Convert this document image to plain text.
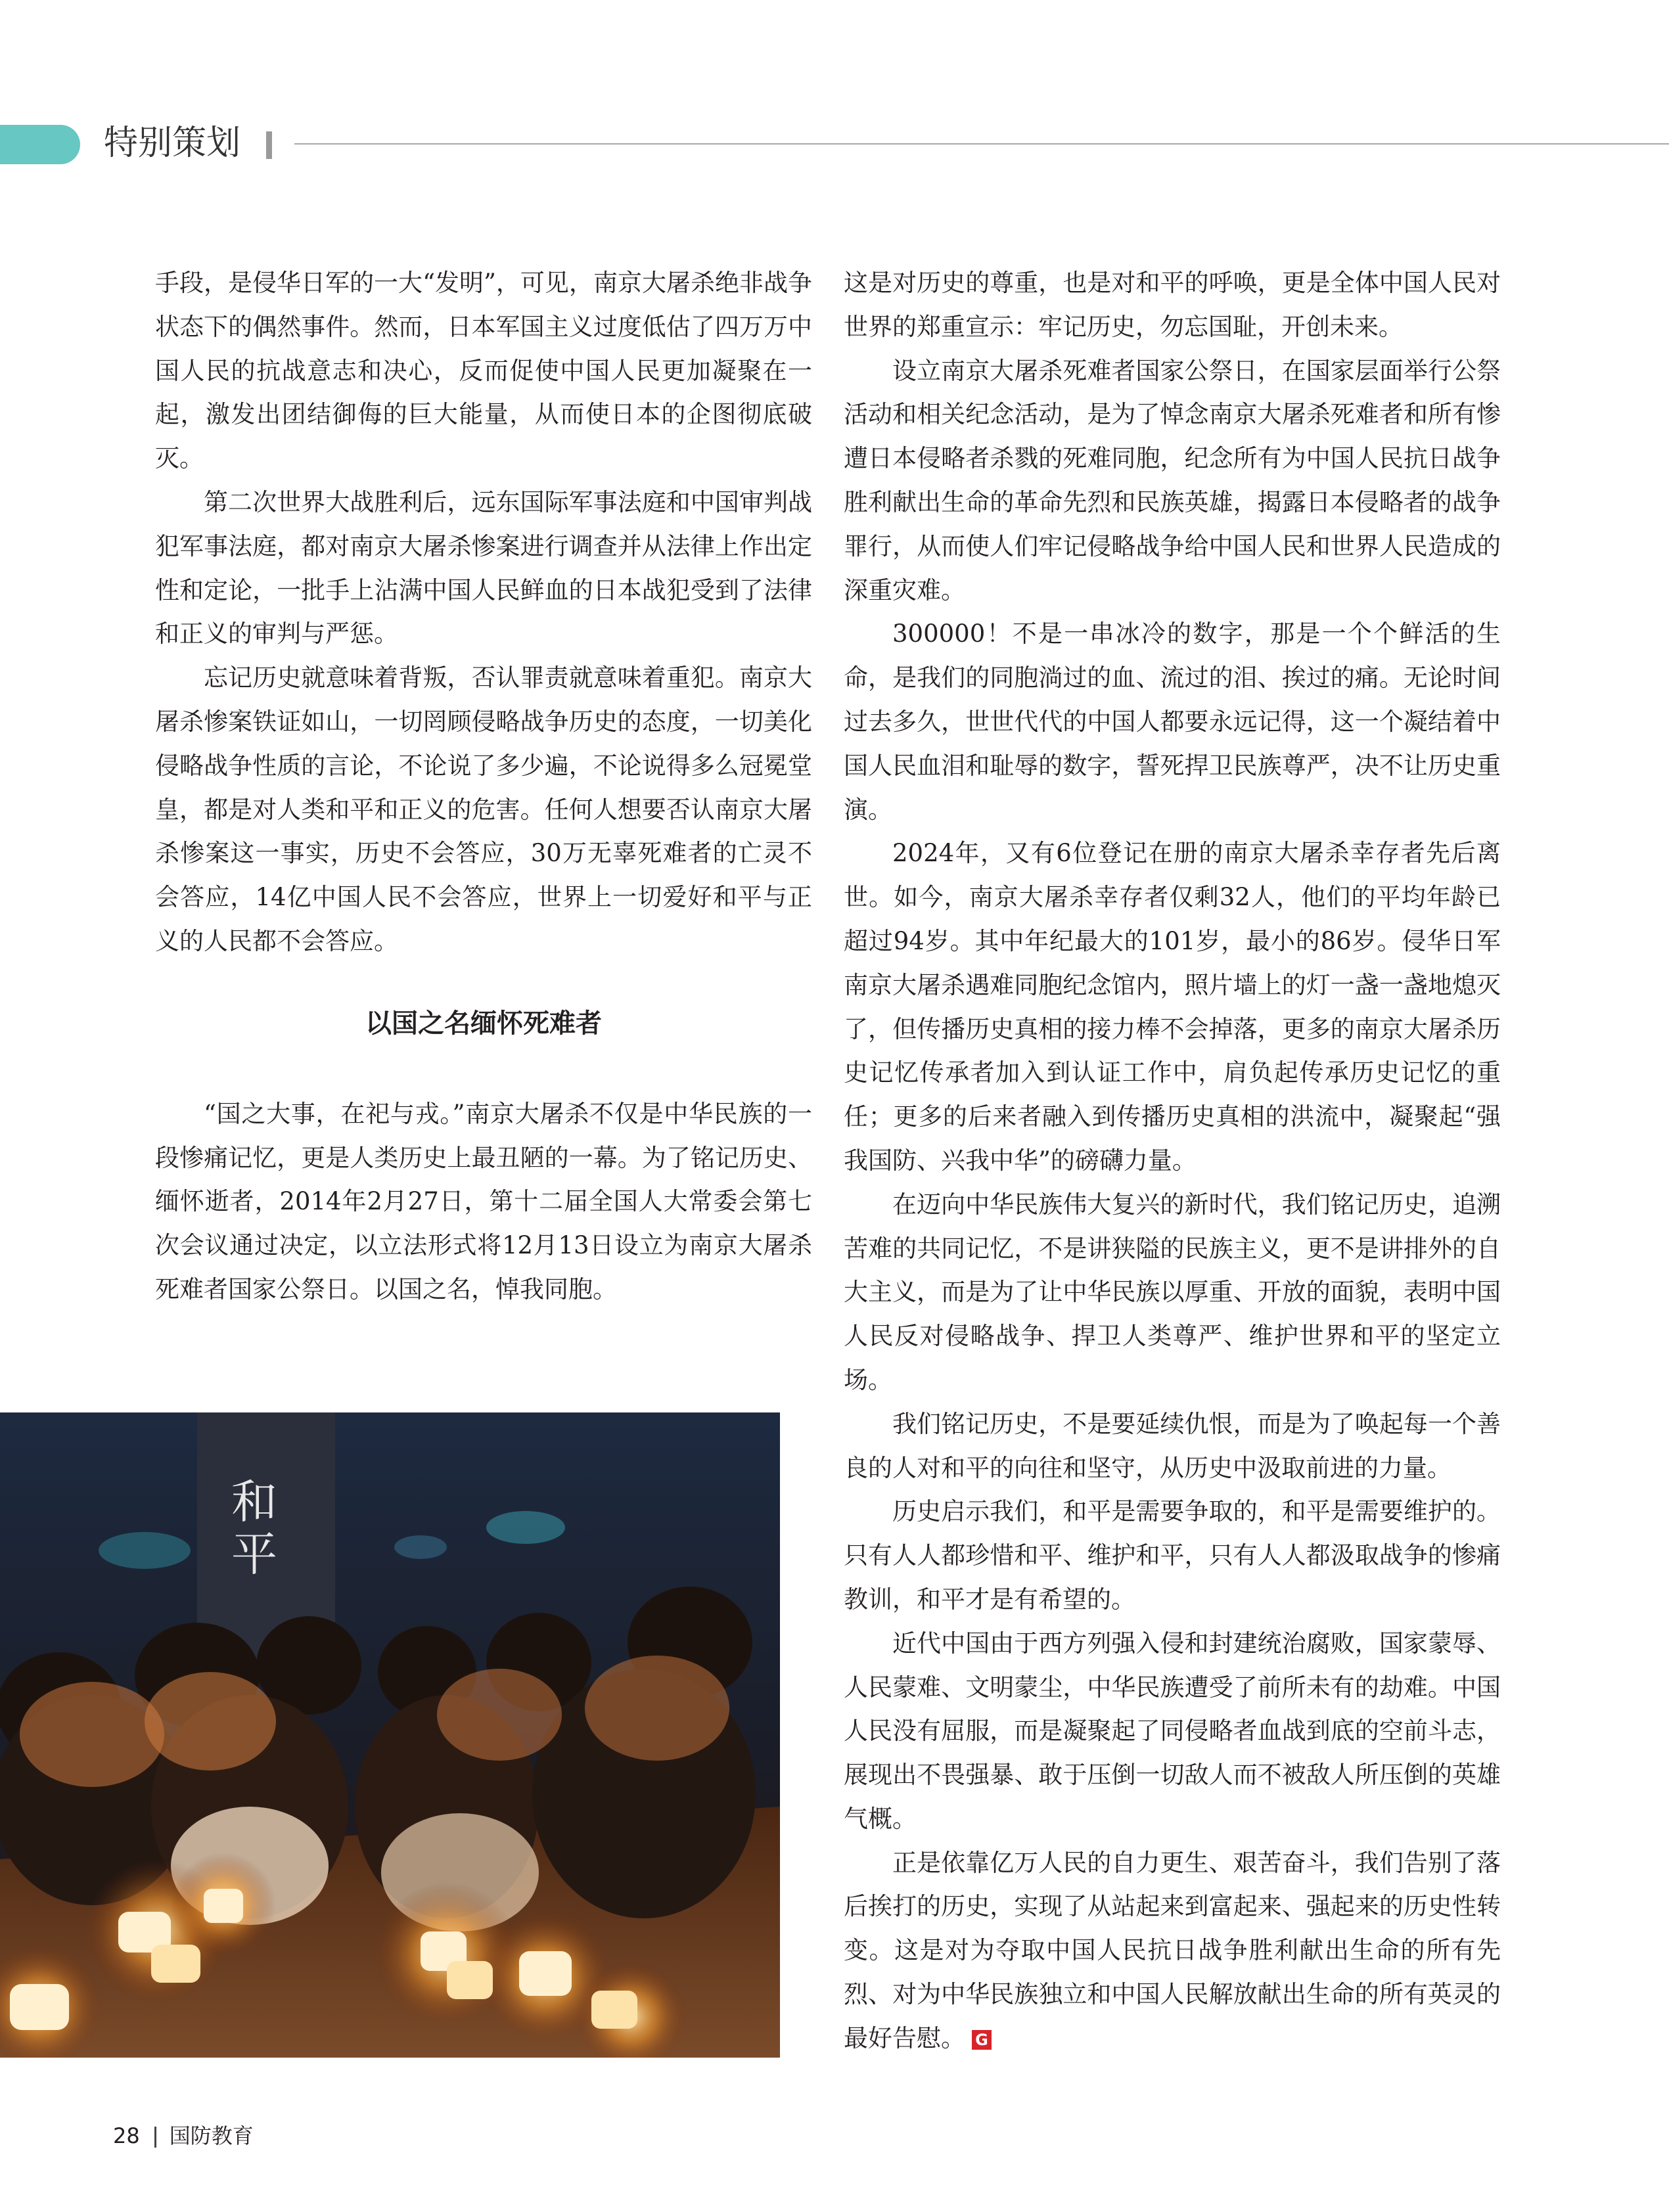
特别策划

手段，是侵华日军的一大“发明”，可见，南京大屠杀绝非战争状态下的偶然事件。然而，日本军国主义过度低估了四万万中国人民的抗战意志和决心，反而促使中国人民更加凝聚在一起，激发出团结御侮的巨大能量，从而使日本的企图彻底破灭。

第二次世界大战胜利后，远东国际军事法庭和中国审判战犯军事法庭，都对南京大屠杀惨案进行调查并从法律上作出定性和定论，一批手上沾满中国人民鲜血的日本战犯受到了法律和正义的审判与严惩。

忘记历史就意味着背叛，否认罪责就意味着重犯。南京大屠杀惨案铁证如山，一切罔顾侵略战争历史的态度，一切美化侵略战争性质的言论，不论说了多少遍，不论说得多么冠冕堂皇，都是对人类和平和正义的危害。任何人想要否认南京大屠杀惨案这一事实，历史不会答应，30万无辜死难者的亡灵不会答应，14亿中国人民不会答应，世界上一切爱好和平与正义的人民都不会答应。

以国之名缅怀死难者

“国之大事，在祀与戎。”南京大屠杀不仅是中华民族的一段惨痛记忆，更是人类历史上最丑陋的一幕。为了铭记历史、缅怀逝者，2014年2月27日，第十二届全国人大常委会第七次会议通过决定，以立法形式将12月13日设立为南京大屠杀死难者国家公祭日。以国之名，悼我同胞。

和
平

这是对历史的尊重，也是对和平的呼唤，更是全体中国人民对世界的郑重宣示：牢记历史，勿忘国耻，开创未来。

设立南京大屠杀死难者国家公祭日，在国家层面举行公祭活动和相关纪念活动，是为了悼念南京大屠杀死难者和所有惨遭日本侵略者杀戮的死难同胞，纪念所有为中国人民抗日战争胜利献出生命的革命先烈和民族英雄，揭露日本侵略者的战争罪行，从而使人们牢记侵略战争给中国人民和世界人民造成的深重灾难。

300000！不是一串冰冷的数字，那是一个个鲜活的生命，是我们的同胞淌过的血、流过的泪、挨过的痛。无论时间过去多久，世世代代的中国人都要永远记得，这一个凝结着中国人民血泪和耻辱的数字，誓死捍卫民族尊严，决不让历史重演。

2024年，又有6位登记在册的南京大屠杀幸存者先后离世。如今，南京大屠杀幸存者仅剩32人，他们的平均年龄已超过94岁。其中年纪最大的101岁，最小的86岁。侵华日军南京大屠杀遇难同胞纪念馆内，照片墙上的灯一盏一盏地熄灭了，但传播历史真相的接力棒不会掉落，更多的南京大屠杀历史记忆传承者加入到认证工作中，肩负起传承历史记忆的重任；更多的后来者融入到传播历史真相的洪流中，凝聚起“强我国防、兴我中华”的磅礴力量。

在迈向中华民族伟大复兴的新时代，我们铭记历史，追溯苦难的共同记忆，不是讲狭隘的民族主义，更不是讲排外的自大主义，而是为了让中华民族以厚重、开放的面貌，表明中国人民反对侵略战争、捍卫人类尊严、维护世界和平的坚定立场。

我们铭记历史，不是要延续仇恨，而是为了唤起每一个善良的人对和平的向往和坚守，从历史中汲取前进的力量。

历史启示我们，和平是需要争取的，和平是需要维护的。只有人人都珍惜和平、维护和平，只有人人都汲取战争的惨痛教训，和平才是有希望的。

近代中国由于西方列强入侵和封建统治腐败，国家蒙辱、人民蒙难、文明蒙尘，中华民族遭受了前所未有的劫难。中国人民没有屈服，而是凝聚起了同侵略者血战到底的空前斗志，展现出不畏强暴、敢于压倒一切敌人而不被敌人所压倒的英雄气概。

正是依靠亿万人民的自力更生、艰苦奋斗，我们告别了落后挨打的历史，实现了从站起来到富起来、强起来的历史性转变。这是对为夺取中国人民抗日战争胜利献出生命的所有先烈、对为中华民族独立和中国人民解放献出生命的所有英灵的最好告慰。 G

28 国防教育
